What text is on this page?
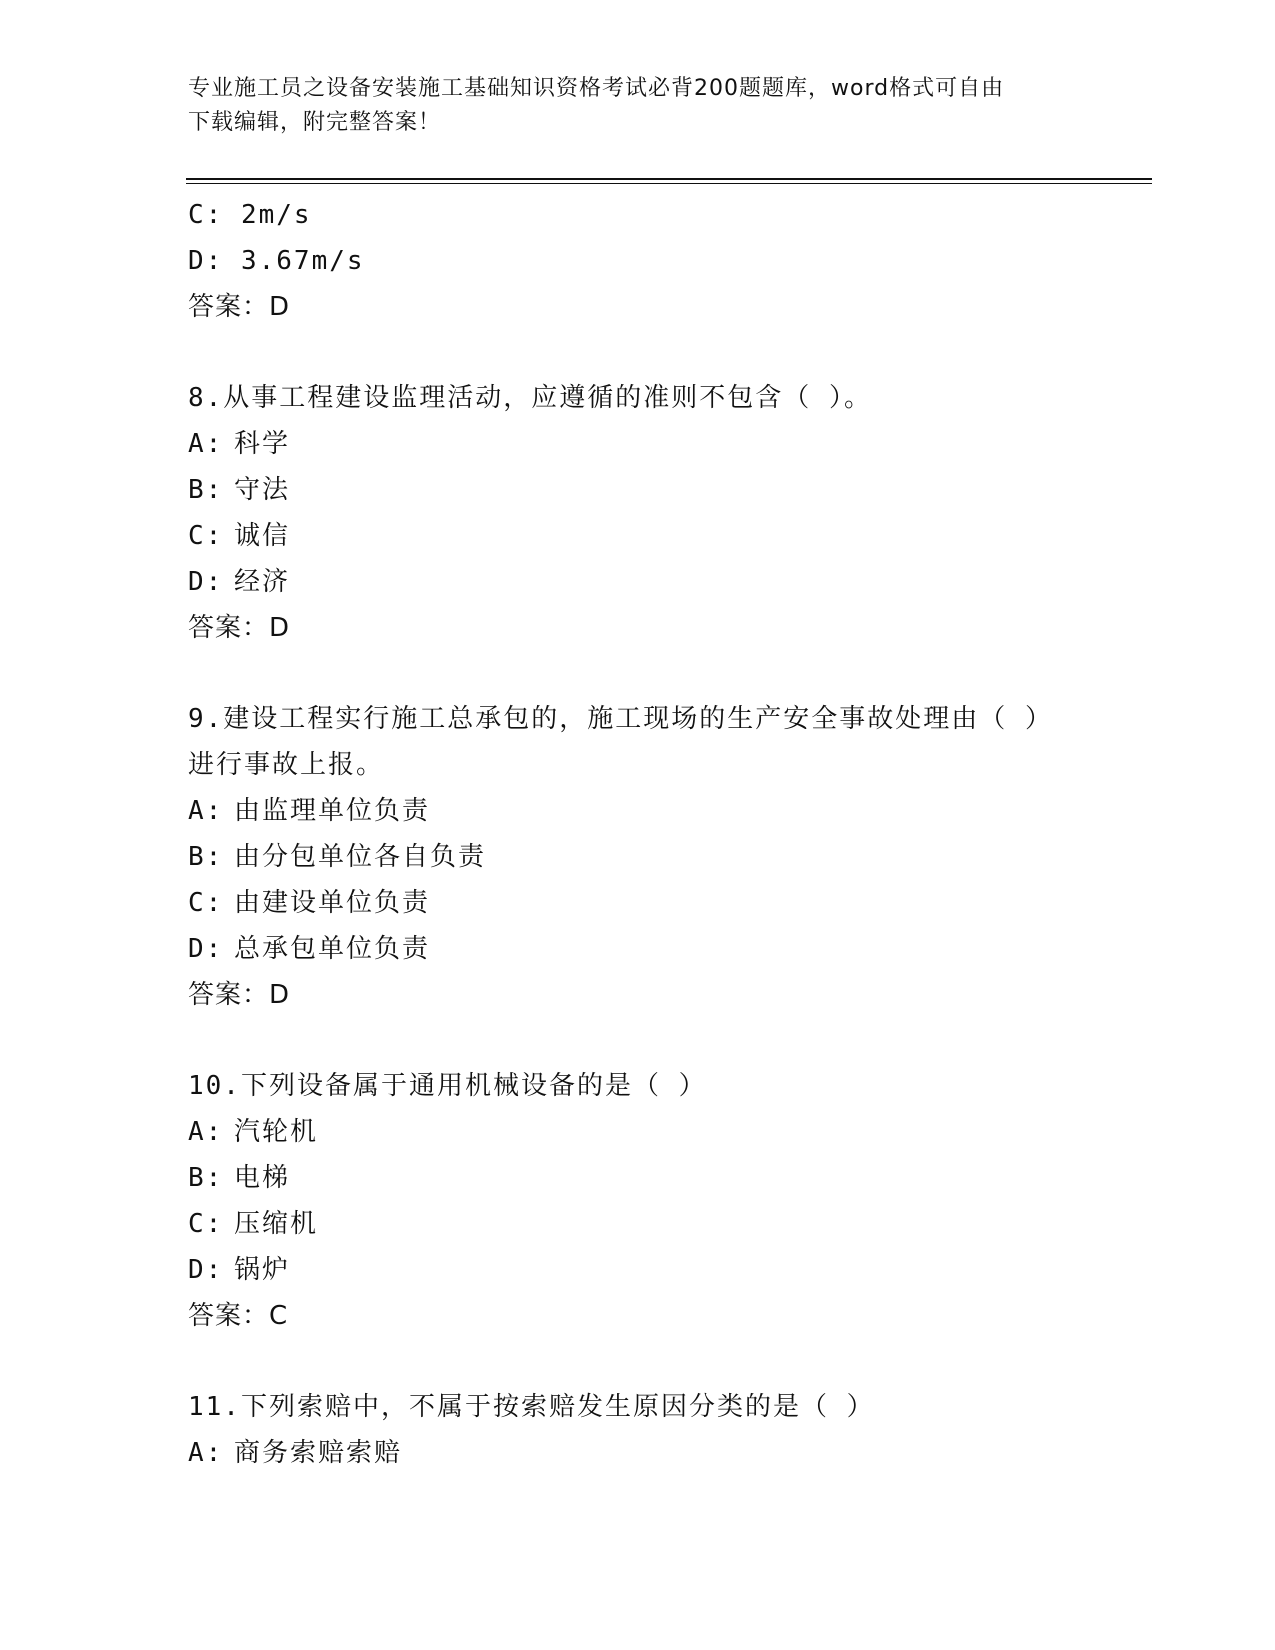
专业施工员之设备安装施工基础知识资格考试必背200题题库，word格式可自由
下载编辑，附完整答案！
C: 2m/s
D: 3.67m/s
答案：D
8.从事工程建设监理活动，应遵循的准则不包含（ ）。
A: 科学
B: 守法
C: 诚信
D: 经济
答案：D
9.建设工程实行施工总承包的，施工现场的生产安全事故处理由（ ）
进行事故上报。
A: 由监理单位负责
B: 由分包单位各自负责
C: 由建设单位负责
D: 总承包单位负责
答案：D
10.下列设备属于通用机械设备的是（ ）
A: 汽轮机
B: 电梯
C: 压缩机
D: 锅炉
答案：C
11.下列索赔中，不属于按索赔发生原因分类的是（ ）
A: 商务索赔索赔
